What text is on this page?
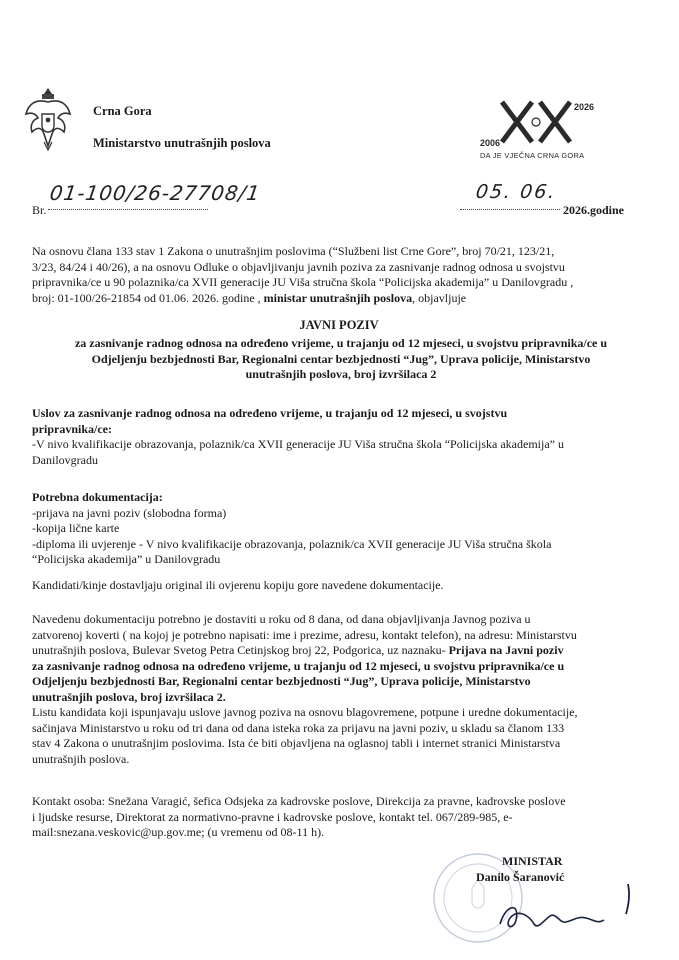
Crna Gora
Ministarstvo unutrašnjih poslova
2026
2006
DA JE VJEČNA CRNA GORA
Br.
01-100/26-27708/1	05. 06.
2026.godine
Na osnovu člana 133 stav 1 Zakona o unutrašnjim poslovima (“Službeni list Crne Gore”, broj 70/21, 123/21,
3/23, 84/24 i 40/26), a na osnovu Odluke o objavljivanju javnih poziva za zasnivanje radnog odnosa u svojstvu
pripravnika/ce u 90 polaznika/ca XVII generacije JU Viša stručna škola “Policijska akademija” u Danilovgradu ,
broj: 01-100/26-21854 od 01.06. 2026. godine , ministar unutrašnjih poslova, objavljuje
JAVNI POZIV
za zasnivanje radnog odnosa na određeno vrijeme, u trajanju od 12 mjeseci, u svojstvu pripravnika/ce u
Odjeljenju bezbjednosti Bar, Regionalni centar bezbjednosti “Jug”, Uprava policije, Ministarstvo
unutrašnjih poslova, broj izvršilaca 2
Uslov za zasnivanje radnog odnosa na određeno vrijeme, u trajanju od 12 mjeseci, u svojstvu
pripravnika/ce:
-V nivo kvalifikacije obrazovanja, polaznik/ca XVII generacije JU Viša stručna škola “Policijska akademija” u
Danilovgradu
Potrebna dokumentacija:
-prijava na javni poziv (slobodna forma)
-kopija lične karte
-diploma ili uvjerenje - V nivo kvalifikacije obrazovanja, polaznik/ca XVII generacije JU Viša stručna škola
“Policijska akademija” u Danilovgradu
Kandidati/kinje dostavljaju original ili ovjerenu kopiju gore navedene dokumentacije.
Navedenu dokumentaciju potrebno je dostaviti u roku od 8 dana, od dana objavljivanja Javnog poziva u
zatvorenoj koverti ( na kojoj je potrebno napisati: ime i prezime, adresu, kontakt telefon), na adresu: Ministarstvu
unutrašnjih poslova, Bulevar Svetog Petra Cetinjskog broj 22, Podgorica, uz naznaku- Prijava na Javni poziv
za zasnivanje radnog odnosa na određeno vrijeme, u trajanju od 12 mjeseci, u svojstvu pripravnika/ce u
Odjeljenju bezbjednosti Bar, Regionalni centar bezbjednosti “Jug”, Uprava policije, Ministarstvo
unutrašnjih poslova, broj izvršilaca 2.
Listu kandidata koji ispunjavaju uslove javnog poziva na osnovu blagovremene, potpune i uredne dokumentacije,
sačinjava Ministarstvo u roku od tri dana od dana isteka roka za prijavu na javni poziv, u skladu sa članom 133
stav 4 Zakona o unutrašnjim poslovima. Ista će biti objavljena na oglasnoj tabli i internet stranici Ministarstva
unutrašnjih poslova.
Kontakt osoba: Snežana Varagić, šefica Odsjeka za kadrovske poslove, Direkcija za pravne, kadrovske poslove
i ljudske resurse, Direktorat za normativno-pravne i kadrovske poslove, kontakt tel. 067/289-985, e-
mail:snezana.veskovic@up.gov.me; (u vremenu od 08-11 h).
MINISTAR
Danilo Šaranović
